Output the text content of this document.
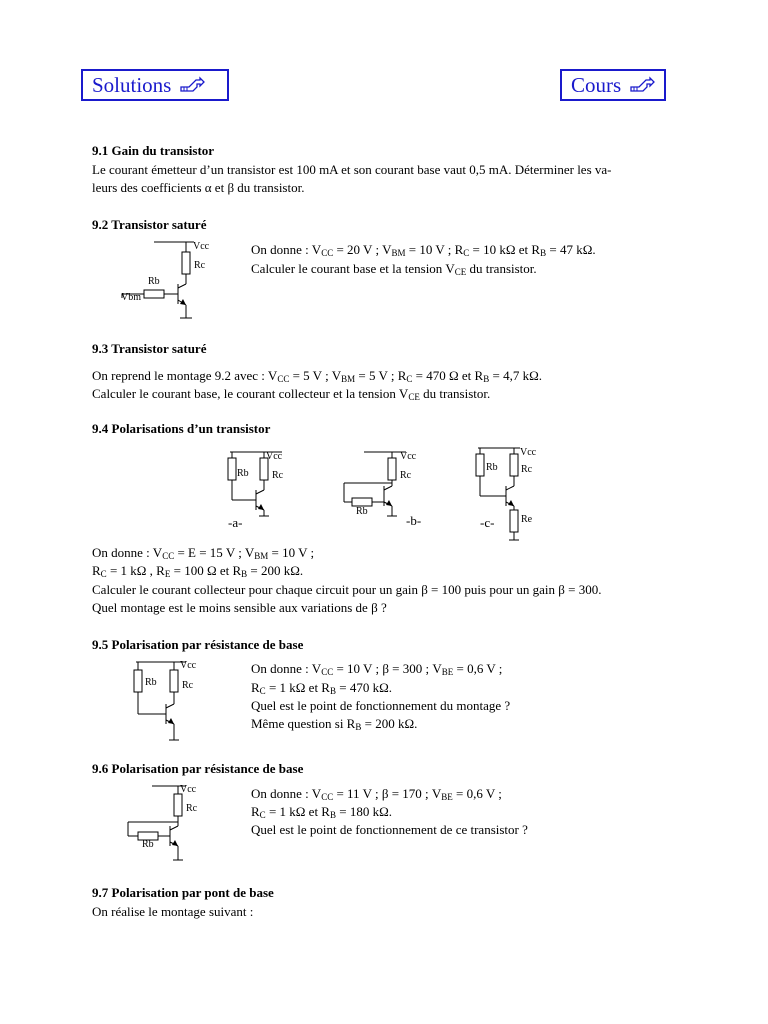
Solutions	Cours
9.1 Gain du transistor
Le courant émetteur d’un transistor est 100 mA et son courant base vaut 0,5 mA. Déterminer les va-
leurs des coefficients α et β du transistor.
9.2 Transistor saturé
Vcc
Rc
Rb
Vbm
On donne : $V_{CC} = 20$ V ; $V_{BM} = 10$ V ; $R_C = 10$ kΩ et $R_B = 47$ kΩ.
Calculer le courant base et la tension $V_{CE}$ du transistor.
9.3 Transistor saturé
On reprend le montage 9.2 avec : $V_{CC} = 5$ V ; $V_{BM} = 5$ V ; $R_C = 470$ Ω et $R_B = 4,7$ kΩ.
Calculer le courant base, le courant collecteur et la tension $V_{CE}$ du transistor.
9.4 Polarisations d’un transistor
Vcc
Rb Rc
-a-
Vcc
Rc
Rb
-b-
Vcc
Rb Rc
Re
-c-
On donne : $V_{CC} = E = 15$ V ; $V_{BM} = 10$ V ;
$R_C = 1$ kΩ , $R_E = 100$ Ω et $R_B = 200$ kΩ.
Calculer le courant collecteur pour chaque circuit pour un gain β = 100 puis pour un gain β = 300.
Quel montage est le moins sensible aux variations de β ?
9.5 Polarisation par résistance de base
Vcc
Rb	Rc
On donne : $V_{CC} = 10$ V ; β = 300 ; $V_{BE} = 0,6$ V ;
$R_C = 1$ kΩ et $R_B = 470$ kΩ.
Quel est le point de fonctionnement du montage ?
Même question si $R_B = 200$ kΩ.
9.6 Polarisation par résistance de base
Vcc
Rc
Rb
On donne : $V_{CC} = 11$ V ; β = 170 ; $V_{BE} = 0,6$ V ;
$R_C = 1$ kΩ et $R_B = 180$ kΩ.
Quel est le point de fonctionnement de ce transistor ?
9.7 Polarisation par pont de base
On réalise le montage suivant :
